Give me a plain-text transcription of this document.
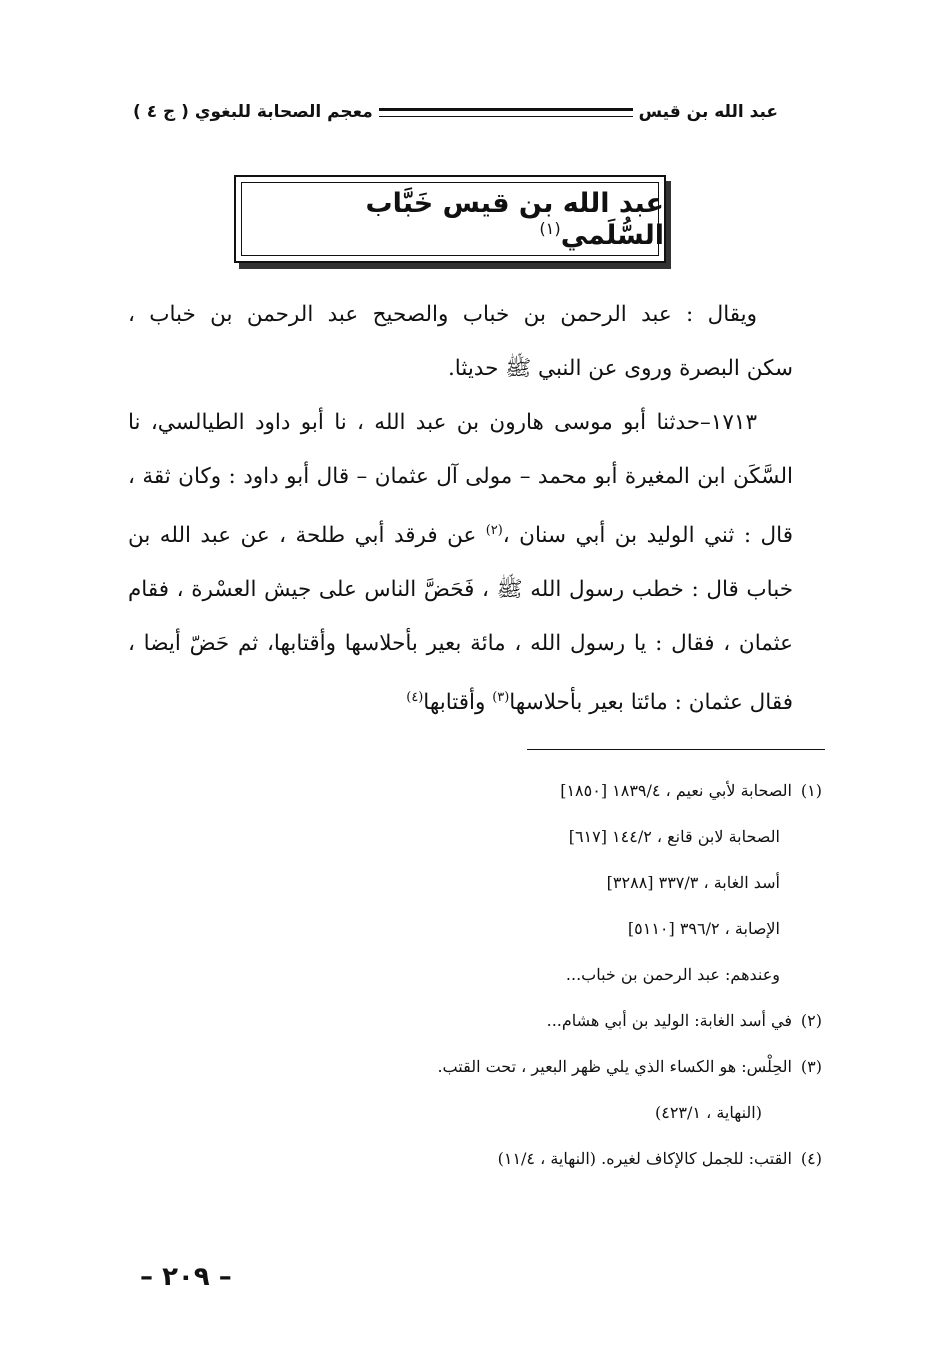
عبد الله بن قيس
معجم الصحابة للبغوي ( ج ٤ )
عبد الله بن قيس خَبَّاب السُّلَمي$^{(١)}$

ويقال : عبد الرحمن بن خباب والصحيح عبد الرحمن بن خباب ،

سكن البصرة وروى عن النبي ﷺ حديثا.

١٧١٣–حدثنا أبو موسى هارون بن عبد الله ، نا أبو داود الطيالسي، نا السَّكَن ابن المغيرة أبو محمد – مولى آل عثمان – قال أبو داود : وكان ثقة ، قال : ثني الوليد بن أبي سنان ،$^{(٢)}$ عن فرقد أبي طلحة ، عن عبد الله بن خباب قال : خطب رسول الله ﷺ ، فَحَضَّ الناس على جيش العسْرة ، فقام عثمان ، فقال : يا رسول الله ، مائة بعير بأحلاسها وأقتابها، ثم حَضّ أيضا ، فقال عثمان : مائتا بعير بأحلاسها$^{(٣)}$ وأقتابها$^{(٤)}$

(١)الصحابة لأبي نعيم ، ١٨٣٩/٤ [١٨٥٠]
الصحابة لابن قانع ، ١٤٤/٢ [٦١٧]
أسد الغابة ، ٣٣٧/٣ [٣٢٨٨]
الإصابة ، ٣٩٦/٢ [٥١١٠]
وعندهم: عبد الرحمن بن خباب...
(٢)في أسد الغابة: الوليد بن أبي هشام...
(٣)الحِلْس: هو الكساء الذي يلي ظهر البعير ، تحت القتب.
(النهاية ، ٤٢٣/١)
(٤)القتب: للجمل كالإكاف لغيره. (النهاية ، ١١/٤)
– ٢٠٩ –
